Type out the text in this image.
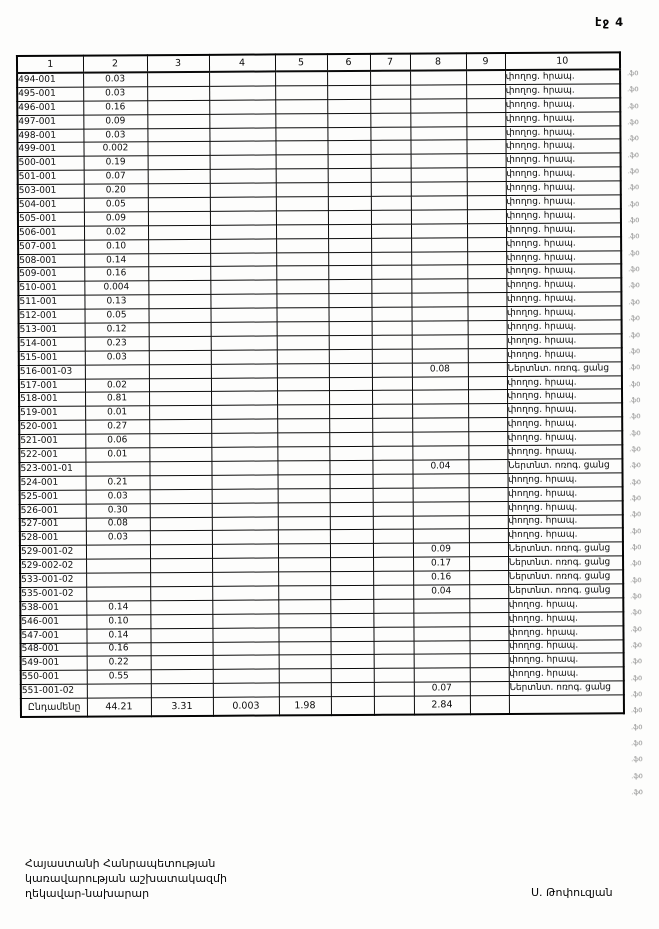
էջ 4
1	2	3	4	5	6	7	8	9	10
494-001	0.03								փողոց. հրապ.
495-001	0.03								փողոց. հրապ.
496-001	0.16								փողոց. հրապ.
497-001	0.09								փողոց. հրապ.
498-001	0.03								փողոց. հրապ.
499-001	0.002								փողոց. հրապ.
500-001	0.19								փողոց. հրապ.
501-001	0.07								փողոց. հրապ.
503-001	0.20								փողոց. հրապ.
504-001	0.05								փողոց. հրապ.
505-001	0.09								փողոց. հրապ.
506-001	0.02								փողոց. հրապ.
507-001	0.10								փողոց. հրապ.
508-001	0.14								փողոց. հրապ.
509-001	0.16								փողոց. հրապ.
510-001	0.004								փողոց. հրապ.
511-001	0.13								փողոց. հրապ.
512-001	0.05								փողոց. հրապ.
513-001	0.12								փողոց. հրապ.
514-001	0.23								փողոց. հրապ.
515-001	0.03								փողոց. հրապ.
516-001-03							0.08		Ներտնտ. ոռոգ. ցանց
517-001	0.02								փողոց. հրապ.
518-001	0.81								փողոց. հրապ.
519-001	0.01								փողոց. հրապ.
520-001	0.27								փողոց. հրապ.
521-001	0.06								փողոց. հրապ.
522-001	0.01								փողոց. հրապ.
523-001-01							0.04		Ներտնտ. ոռոգ. ցանց
524-001	0.21								փողոց. հրապ.
525-001	0.03								փողոց. հրապ.
526-001	0.30								փողոց. հրապ.
527-001	0.08								փողոց. հրապ.
528-001	0.03								փողոց. հրապ.
529-001-02							0.09		Ներտնտ. ոռոգ. ցանց
529-002-02							0.17		Ներտնտ. ոռոգ. ցանց
533-001-02							0.16		Ներտնտ. ոռոգ. ցանց
535-001-02							0.04		Ներտնտ. ոռոգ. ցանց
538-001	0.14								փողոց. հրապ.
546-001	0.10								փողոց. հրապ.
547-001	0.14								փողոց. հրապ.
548-001	0.16								փողոց. հրապ.
549-001	0.22								փողոց. հրապ.
550-001	0.55								փողոց. հրապ.
551-001-02							0.07		Ներտնտ. ոռոգ. ցանց
Ընդամենը	44.21	3.31	0.003	1.98			2.84		
.ֆ0
.ֆ0
.ֆ0
.ֆ0
.ֆ0
.ֆ0
.ֆ0
.ֆ0
.ֆ0
.ֆ0
.ֆ0
.ֆ0
.ֆ0
.ֆ0
.ֆ0
.ֆ0
.ֆ0
.ֆ0
.ֆ0
.ֆ0
.ֆ0
.ֆ0
.ֆ0
.ֆ0
.ֆ0
.ֆ0
.ֆ0
.ֆ0
.ֆ0
.ֆ0
.ֆ0
.ֆ0
.ֆ0
.ֆ0
.ֆ0
.ֆ0
.ֆ0
.ֆ0
.ֆ0
.ֆ0
.ֆ0
.ֆ0
.ֆ0
.ֆ0
.ֆ0
Հայաստանի Հանրապետության
կառավարության աշխատակազմի
ղեկավար-նախարար	Ս. Թոփուզյան
